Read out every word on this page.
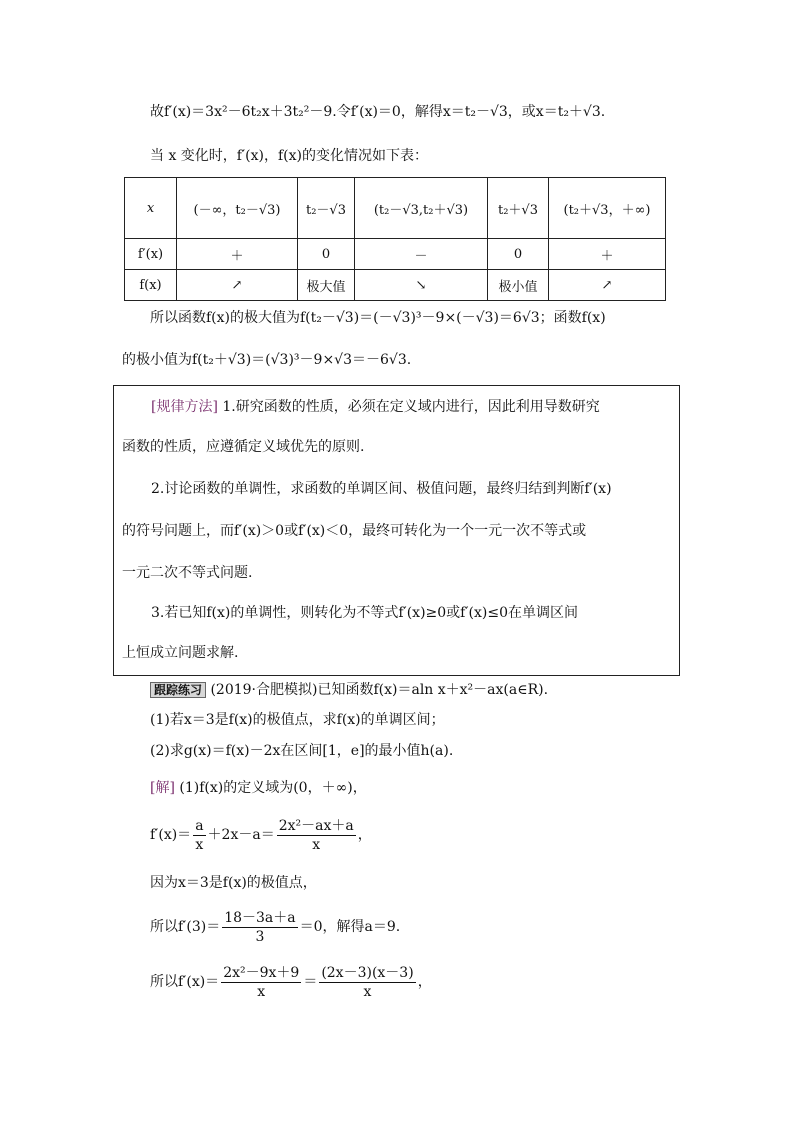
故f′(x)＝3x²－6t₂x＋3t₂²－9.令f′(x)＝0，解得x＝t₂－√3，或x＝t₂＋√3.
当 x 变化时，f′(x)，f(x)的变化情况如下表：
x	(－∞，t₂－√3)	t₂－√3	(t₂－√3,t₂＋√3)	t₂＋√3	(t₂＋√3，＋∞)
f′(x)	＋	0	－	0	＋
f(x)	↗	极大值	↘	极小值	↗
所以函数f(x)的极大值为f(t₂－√3)＝(－√3)³－9×(－√3)＝6√3；函数f(x)
的极小值为f(t₂＋√3)＝(√3)³－9×√3＝－6√3.
[规律方法] 1.研究函数的性质，必须在定义域内进行，因此利用导数研究
函数的性质，应遵循定义域优先的原则.
2.讨论函数的单调性，求函数的单调区间、极值问题，最终归结到判断f′(x)
的符号问题上，而f′(x)＞0或f′(x)＜0，最终可转化为一个一元一次不等式或
一元二次不等式问题.
3.若已知f(x)的单调性，则转化为不等式f′(x)≥0或f′(x)≤0在单调区间
上恒成立问题求解.
跟踪练习 (2019·合肥模拟)已知函数f(x)＝aln x＋x²－ax(a∈R).
(1)若x＝3是f(x)的极值点，求f(x)的单调区间；
(2)求g(x)＝f(x)－2x在区间[1，e]的最小值h(a).
[解] (1)f(x)的定义域为(0，＋∞)，
$f'(x)= \frac{a}{x} +2x-a= \frac{\text{2x²－ax＋a}}{x}$ ，
因为x＝3是f(x)的极值点，
所以$f'(3)= \frac{18-3a+a}{3} =0$，解得a＝9.
所以$f'(x)= \frac{\text{2x²－9x＋9}}{x} = \frac{(2x-3)(x-3)}{x}$ ，
